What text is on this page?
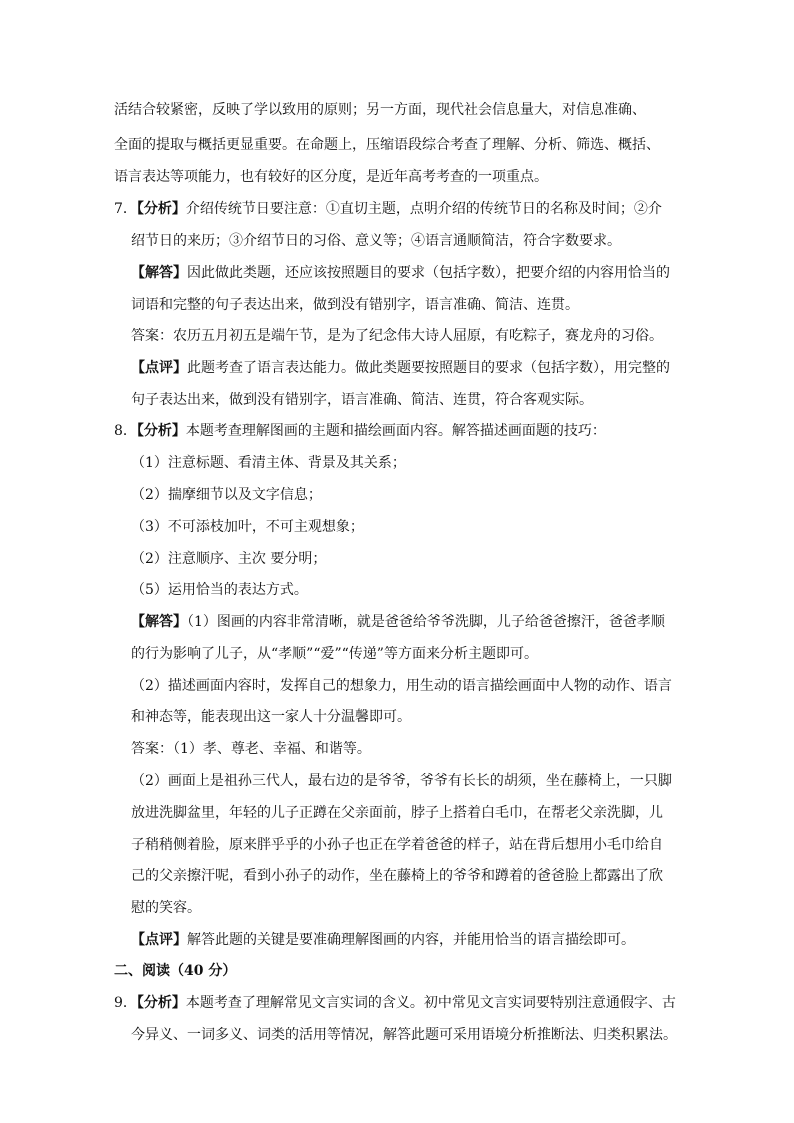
活结合较紧密，反映了学以致用的原则；另一方面，现代社会信息量大，对信息准确、
全面的提取与概括更显重要。在命题上，压缩语段综合考查了理解、分析、筛选、概括、
语言表达等项能力，也有较好的区分度，是近年高考考查的一项重点。
7．【分析】介绍传统节日要注意：①直切主题，点明介绍的传统节日的名称及时间；②介
绍节日的来历；③介绍节日的习俗、意义等；④语言通顺简洁，符合字数要求。
【解答】因此做此类题，还应该按照题目的要求（包括字数），把要介绍的内容用恰当的
词语和完整的句子表达出来，做到没有错别字，语言准确、简洁、连贯。
答案：农历五月初五是端午节，是为了纪念伟大诗人屈原，有吃粽子，赛龙舟的习俗。
【点评】此题考查了语言表达能力。做此类题要按照题目的要求（包括字数），用完整的
句子表达出来，做到没有错别字，语言准确、简洁、连贯，符合客观实际。
8．【分析】本题考查理解图画的主题和描绘画面内容。解答描述画面题的技巧：
（1）注意标题、看清主体、背景及其关系；
（2）揣摩细节以及文字信息；
（3）不可添枝加叶，不可主观想象；
（2）注意顺序、主次 要分明；
（5）运用恰当的表达方式。
【解答】（1）图画的内容非常清晰，就是爸爸给爷爷洗脚，儿子给爸爸擦汗，爸爸孝顺
的行为影响了儿子，从“孝顺”“爱”“传递”等方面来分析主题即可。
（2）描述画面内容时，发挥自己的想象力，用生动的语言描绘画面中人物的动作、语言
和神态等，能表现出这一家人十分温馨即可。
答案：（1）孝、尊老、幸福、和谐等。
（2）画面上是祖孙三代人，最右边的是爷爷，爷爷有长长的胡须，坐在藤椅上，一只脚
放进洗脚盆里，年轻的儿子正蹲在父亲面前，脖子上搭着白毛巾，在帮老父亲洗脚，儿
子稍稍侧着脸，原来胖乎乎的小孙子也正在学着爸爸的样子，站在背后想用小毛巾给自
己的父亲擦汗呢，看到小孙子的动作，坐在藤椅上的爷爷和蹲着的爸爸脸上都露出了欣
慰的笑容。
【点评】解答此题的关键是要准确理解图画的内容，并能用恰当的语言描绘即可。
二、阅读（40 分）
9．【分析】本题考查了理解常见文言实词的含义。初中常见文言实词要特别注意通假字、古
今异义、一词多义、词类的活用等情况，解答此题可采用语境分析推断法、归类积累法。
